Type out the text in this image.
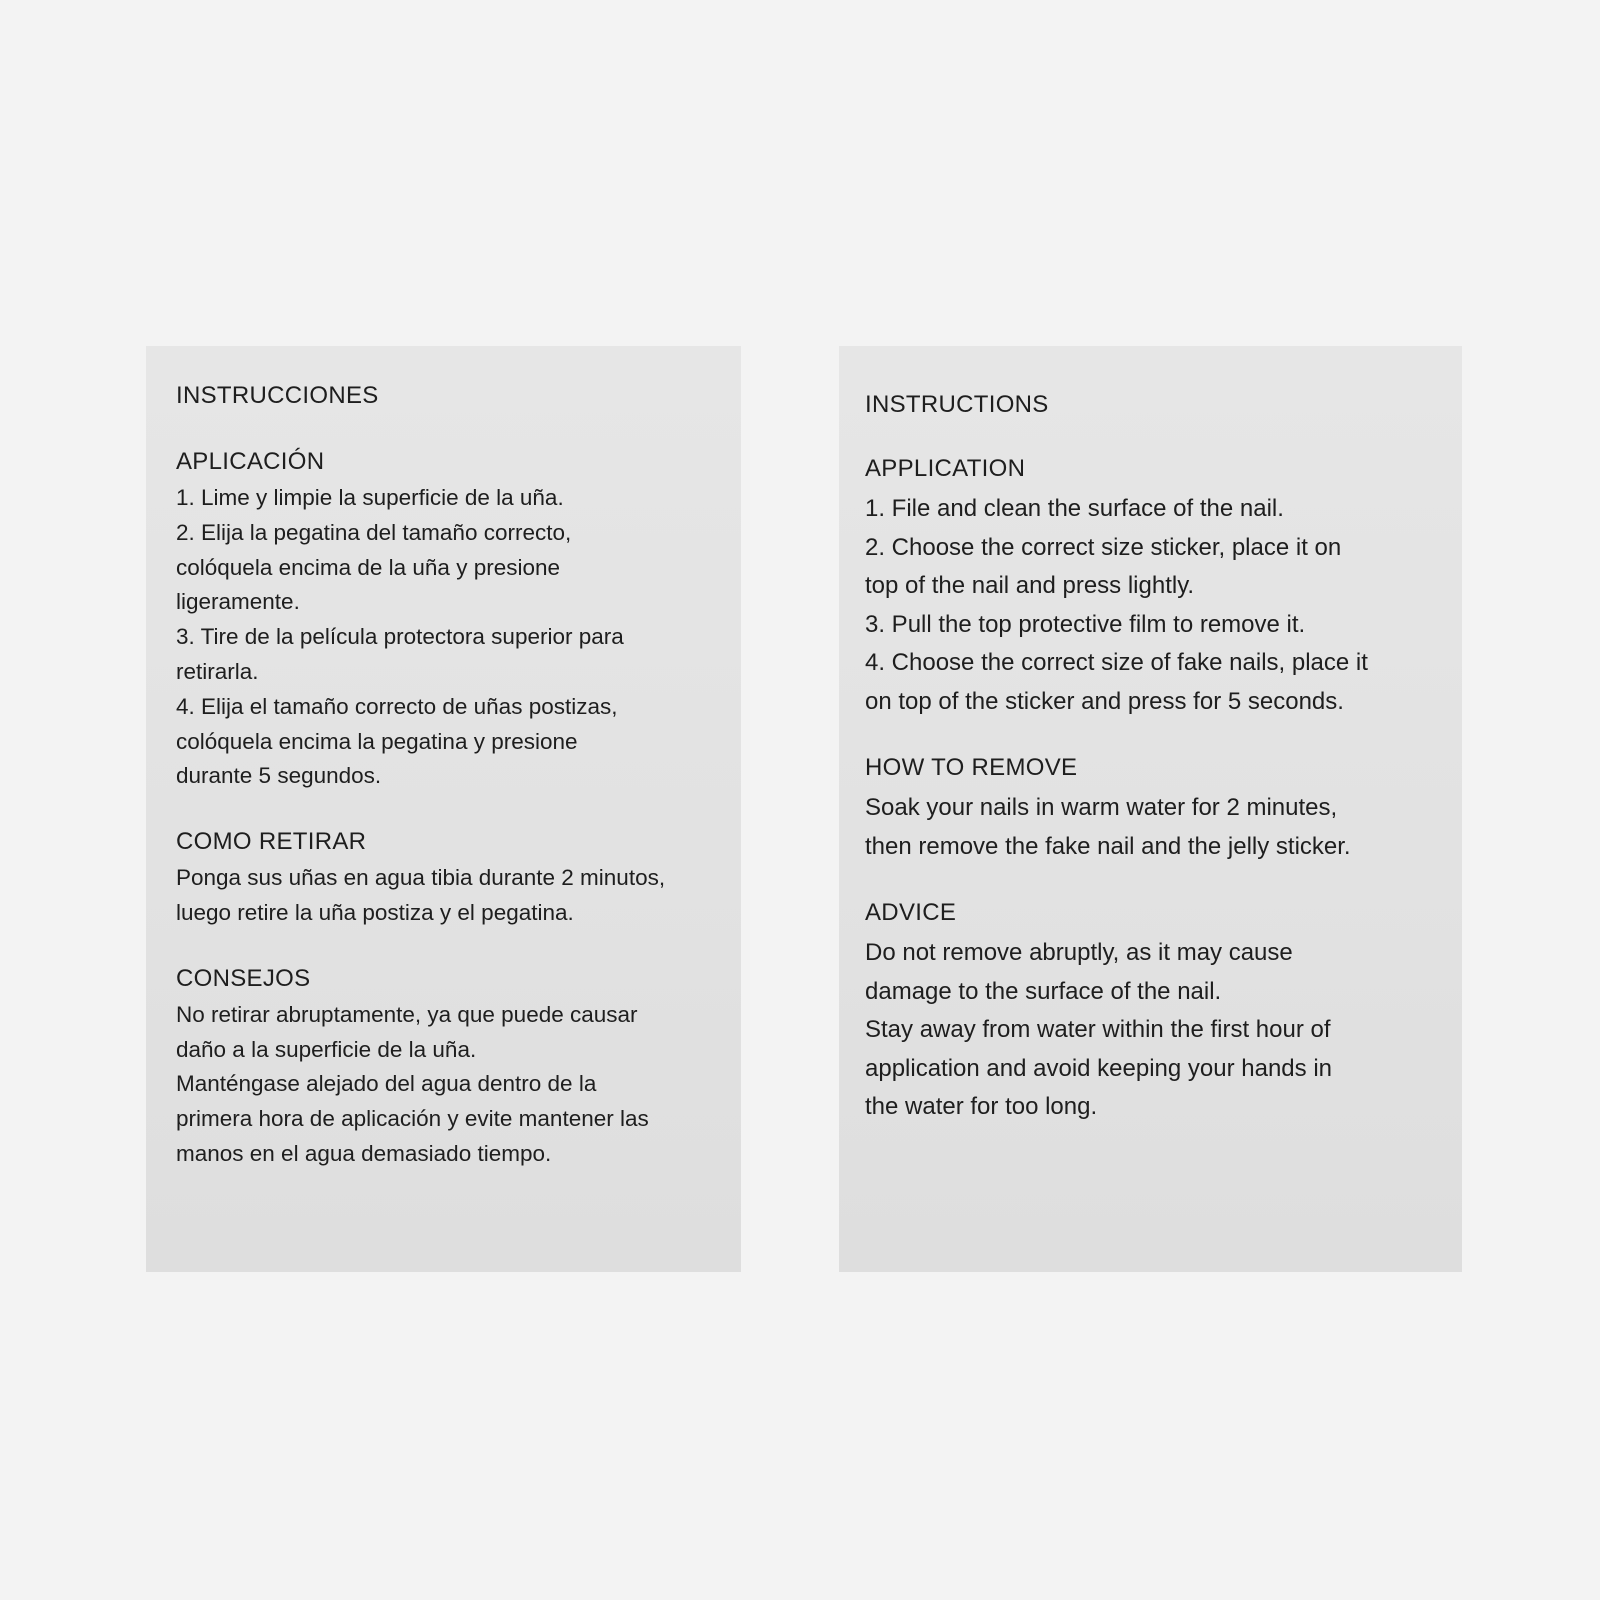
INSTRUCCIONES
APLICACIÓN

1. Lime y limpie la superficie de la uña.

2. Elija la pegatina del tamaño correcto,

colóquela encima de la uña y presione

ligeramente.

3. Tire de la película protectora superior para

retirarla.

4. Elija el tamaño correcto de uñas postizas,

colóquela encima la pegatina y presione

durante 5 segundos.

COMO RETIRAR

Ponga sus uñas en agua tibia durante 2 minutos,

luego retire la uña postiza y el pegatina.

CONSEJOS

No retirar abruptamente, ya que puede causar

daño a la superficie de la uña.

Manténgase alejado del agua dentro de la

primera hora de aplicación y evite mantener las

manos en el agua demasiado tiempo.

INSTRUCTIONS
APPLICATION

1. File and clean the surface of the nail.

2. Choose the correct size sticker, place it on

top of the nail and press lightly.

3. Pull the top protective film to remove it.

4. Choose the correct size of fake nails, place it

on top of the sticker and press for 5 seconds.

HOW TO REMOVE

Soak your nails in warm water for 2 minutes,

then remove the fake nail and the jelly sticker.

ADVICE

Do not remove abruptly, as it may cause

damage to the surface of the nail.

Stay away from water within the first hour of

application and avoid keeping your hands in

the water for too long.
